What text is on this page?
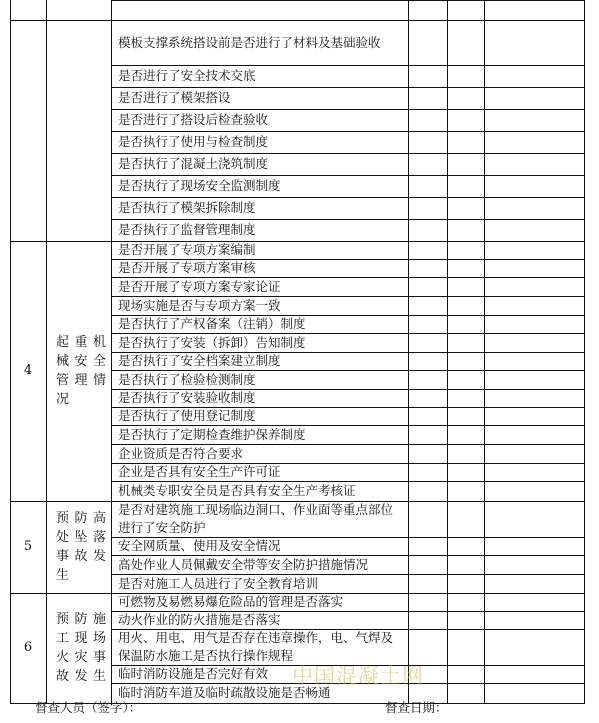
模板支撑系统搭设前是否进行了材料及基础验收
是否进行了安全技术交底
是否进行了模架搭设
是否进行了搭设后检查验收
是否执行了使用与检查制度
是否执行了混凝土浇筑制度
是否执行了现场安全监测制度
是否执行了模架拆除制度
是否执行了监督管理制度
是否开展了专项方案编制
是否开展了专项方案审核
是否开展了专项方案专家论证
现场实施是否与专项方案一致
是否执行了产权备案（注销）制度
是否执行了安装（拆卸）告知制度
是否执行了安全档案建立制度
是否执行了检验检测制度
是否执行了安装验收制度
是否执行了使用登记制度
是否执行了定期检查维护保养制度
企业资质是否符合要求
企业是否具有安全生产许可证
机械类专职安全员是否具有安全生产考核证
4
起重机械安全管理情况
是否对建筑施工现场临边洞口、作业面等重点部位进行了安全防护
安全网质量、使用及安全情况
高处作业人员佩戴安全带等安全防护措施情况
是否对施工人员进行了安全教育培训
5
预防高处坠落事故发生
可燃物及易燃易爆危险品的管理是否落实
动火作业的防火措施是否落实
用火、用电、用气是否存在违章操作，电、气焊及保温防水施工是否执行操作规程
临时消防设施是否完好有效
临时消防车道及临时疏散设施是否畅通
6
预防施工现场火灾事故发生
督查人员（签字）：	督查日期：
中国混凝土网
